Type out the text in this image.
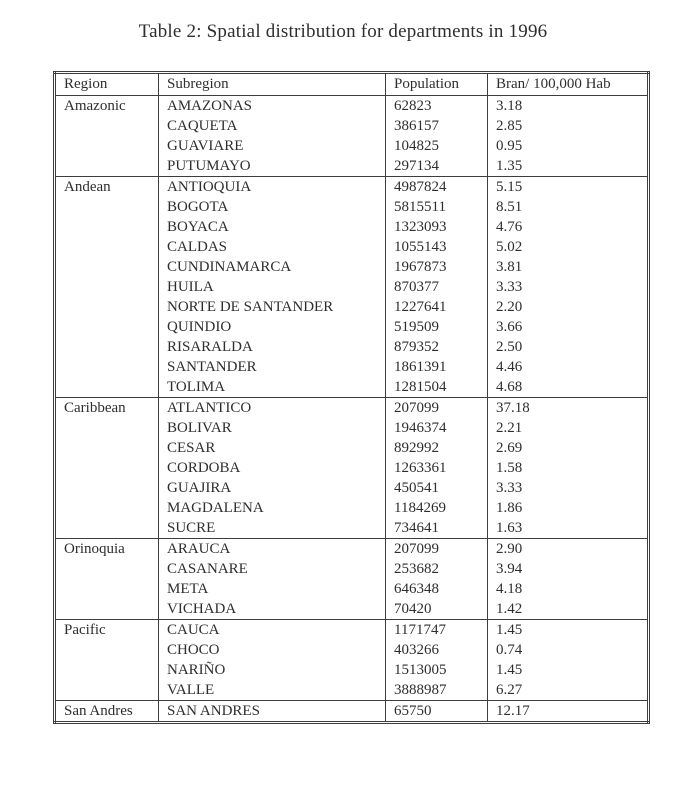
Table 2: Spatial distribution for departments in 1996
Region	Subregion	Population	Bran/ 100,000 Hab
Amazonic	AMAZONAS	62823	3.18
	CAQUETA	386157	2.85
	GUAVIARE	104825	0.95
	PUTUMAYO	297134	1.35
Andean	ANTIOQUIA	4987824	5.15
	BOGOTA	5815511	8.51
	BOYACA	1323093	4.76
	CALDAS	1055143	5.02
	CUNDINAMARCA	1967873	3.81
	HUILA	870377	3.33
	NORTE DE SANTANDER	1227641	2.20
	QUINDIO	519509	3.66
	RISARALDA	879352	2.50
	SANTANDER	1861391	4.46
	TOLIMA	1281504	4.68
Caribbean	ATLANTICO	207099	37.18
	BOLIVAR	1946374	2.21
	CESAR	892992	2.69
	CORDOBA	1263361	1.58
	GUAJIRA	450541	3.33
	MAGDALENA	1184269	1.86
	SUCRE	734641	1.63
Orinoquia	ARAUCA	207099	2.90
	CASANARE	253682	3.94
	META	646348	4.18
	VICHADA	70420	1.42
Pacific	CAUCA	1171747	1.45
	CHOCO	403266	0.74
	NARIÑO	1513005	1.45
	VALLE	3888987	6.27
San Andres	SAN ANDRES	65750	12.17
